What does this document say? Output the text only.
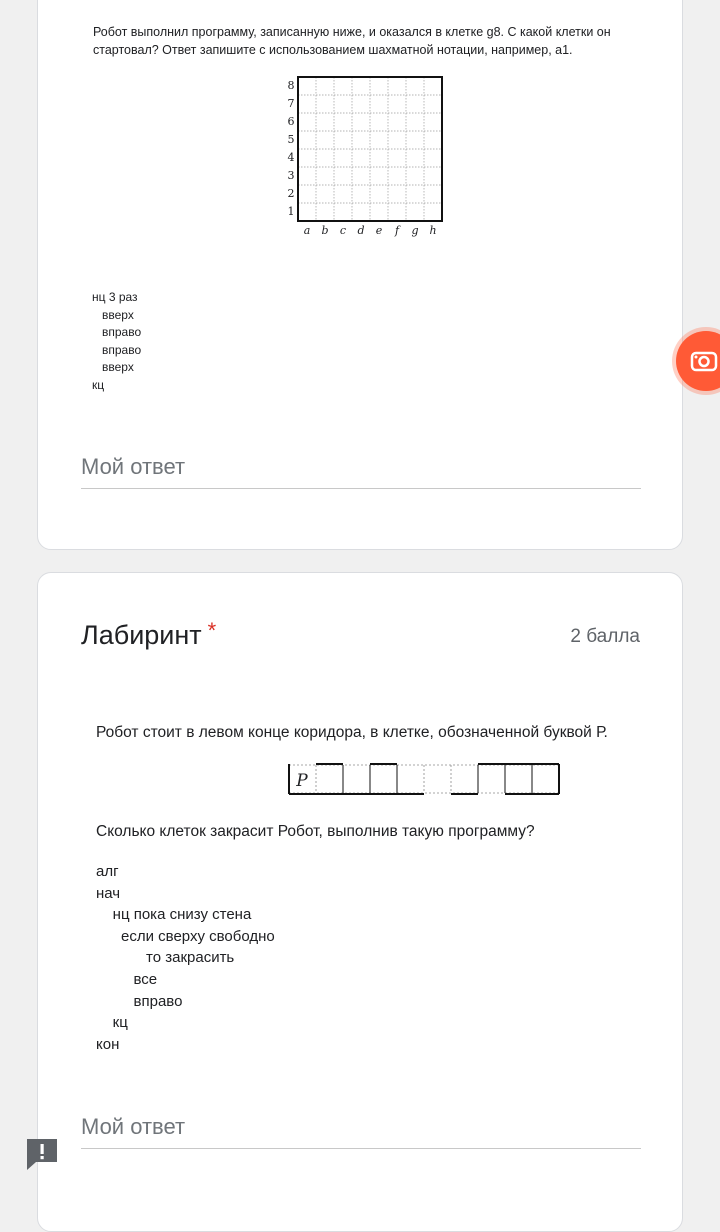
Робот выполнил программу, записанную ниже, и оказался в клетке g8. С какой клетки он
стартовал? Ответ запишите с использованием шахматной нотации, например, a1.
8
7
6
5
4
3
2
1
a b c d e f g h
нц 3 раз
вверх
вправо
вправо
вверх
кц
Мой ответ
Лабиринт *	2 балла
Робот стоит в левом конце коридора, в клетке, обозначенной буквой Р.
P
Сколько клеток закрасит Робот, выполнив такую программу?
алг
нач
нц пока снизу стена
если сверху свободно
то закрасить
все
вправо
кц
кон
Мой ответ
